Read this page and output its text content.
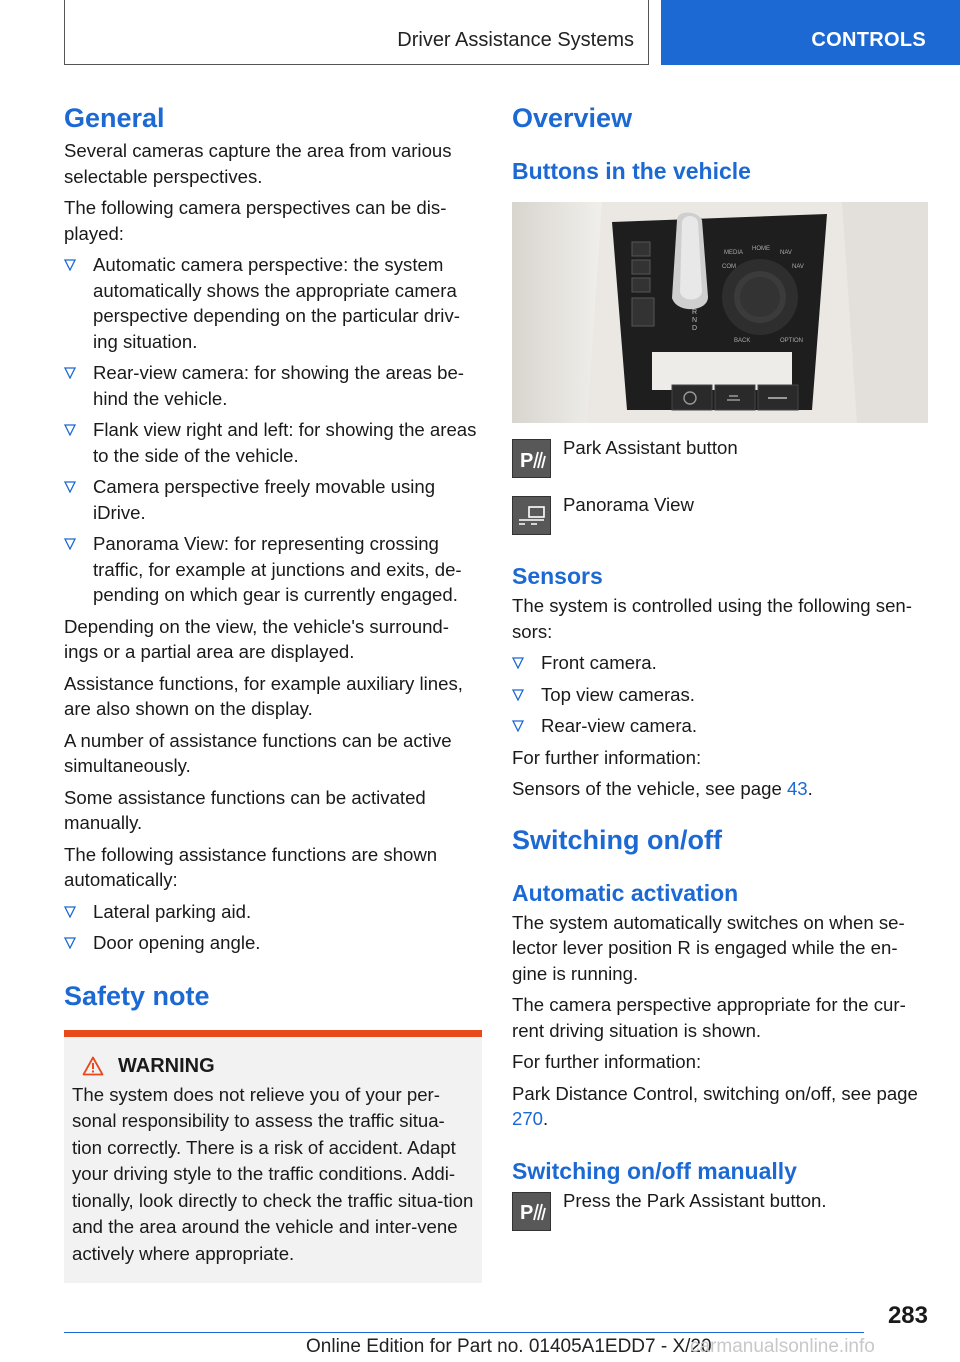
Driver Assistance Systems	CONTROLS
General

Several cameras capture the area from various selectable perspectives.

The following camera perspectives can be dis‐played:

Automatic camera perspective: the system automatically shows the appropriate camera perspective depending on the particular driv‐ing situation.
Rear-view camera: for showing the areas be‐hind the vehicle.
Flank view right and left: for showing the areas to the side of the vehicle.
Camera perspective freely movable using iDrive.
Panorama View: for representing crossing traffic, for example at junctions and exits, de‐pending on which gear is currently engaged.

Depending on the view, the vehicle's surround‐ings or a partial area are displayed.

Assistance functions, for example auxiliary lines, are also shown on the display.

A number of assistance functions can be active simultaneously.

Some assistance functions can be activated manually.

The following assistance functions are shown automatically:

Lateral parking aid.
Door opening angle.
Safety note
WARNING

The system does not relieve you of your per‐sonal responsibility to assess the traffic situa‐tion correctly. There is a risk of accident. Adapt your driving style to the traffic conditions. Addi‐tionally, look directly to check the traffic situa‐tion and the area around the vehicle and inter‐vene actively where appropriate.

Overview
Buttons in the vehicle
MEDIA
HOME
NAV
COM	NAV
BACK	OPTION
R
N
D
P
Park Assistant button
Panorama View
Sensors

The system is controlled using the following sen‐sors:

Front camera.
Top view cameras.
Rear-view camera.

For further information:

Sensors of the vehicle, see page 43.

Switching on/off
Automatic activation

The system automatically switches on when se‐lector lever position R is engaged while the en‐gine is running.

The camera perspective appropriate for the cur‐rent driving situation is shown.

For further information:

Park Distance Control, switching on/off, see page 270.

Switching on/off manually
P
Press the Park Assistant button.
283
Online Edition for Part no. 01405A1EDD7 - X/20
carmanualsonline.info
